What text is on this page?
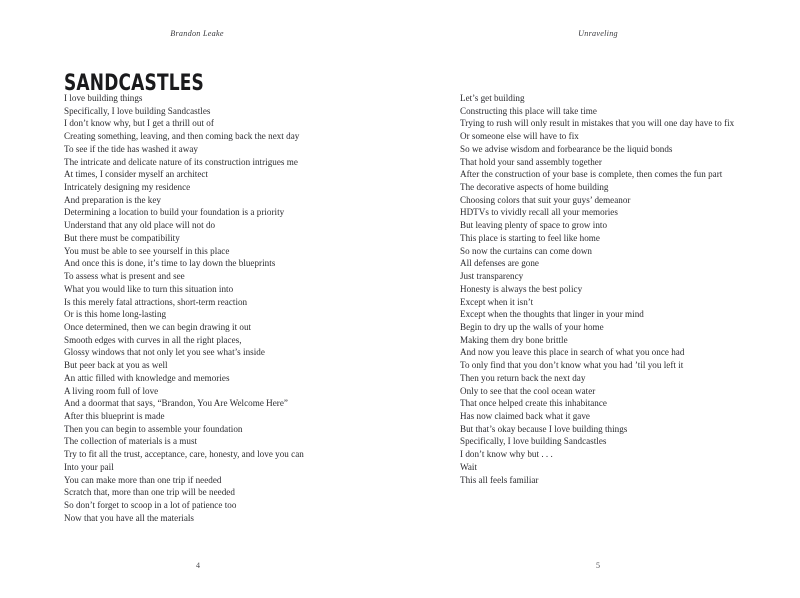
Brandon Leake
SANDCASTLES
I love building things
Specifically, I love building Sandcastles
I don’t know why, but I get a thrill out of
Creating something, leaving, and then coming back the next day
To see if the tide has washed it away
The intricate and delicate nature of its construction intrigues me
At times, I consider myself an architect
Intricately designing my residence
And preparation is the key
Determining a location to build your foundation is a priority
Understand that any old place will not do
But there must be compatibility
You must be able to see yourself in this place
And once this is done, it’s time to lay down the blueprints
To assess what is present and see
What you would like to turn this situation into
Is this merely fatal attractions, short-term reaction
Or is this home long-lasting
Once determined, then we can begin drawing it out
Smooth edges with curves in all the right places,
Glossy windows that not only let you see what’s inside
But peer back at you as well
An attic filled with knowledge and memories
A living room full of love
And a doormat that says, “Brandon, You Are Welcome Here”
After this blueprint is made
Then you can begin to assemble your foundation
The collection of materials is a must
Try to fit all the trust, acceptance, care, honesty, and love you can
Into your pail
You can make more than one trip if needed
Scratch that, more than one trip will be needed
So don’t forget to scoop in a lot of patience too
Now that you have all the materials
4
Unraveling
Let’s get building
Constructing this place will take time
Trying to rush will only result in mistakes that you will one day have to fix
Or someone else will have to fix
So we advise wisdom and forbearance be the liquid bonds
That hold your sand assembly together
After the construction of your base is complete, then comes the fun part
The decorative aspects of home building
Choosing colors that suit your guys’ demeanor
HDTVs to vividly recall all your memories
But leaving plenty of space to grow into
This place is starting to feel like home
So now the curtains can come down
All defenses are gone
Just transparency
Honesty is always the best policy
Except when it isn’t
Except when the thoughts that linger in your mind
Begin to dry up the walls of your home
Making them dry bone brittle
And now you leave this place in search of what you once had
To only find that you don’t know what you had ’til you left it
Then you return back the next day
Only to see that the cool ocean water
That once helped create this inhabitance
Has now claimed back what it gave
But that’s okay because I love building things
Specifically, I love building Sandcastles
I don’t know why but . . .
Wait
This all feels familiar
5
